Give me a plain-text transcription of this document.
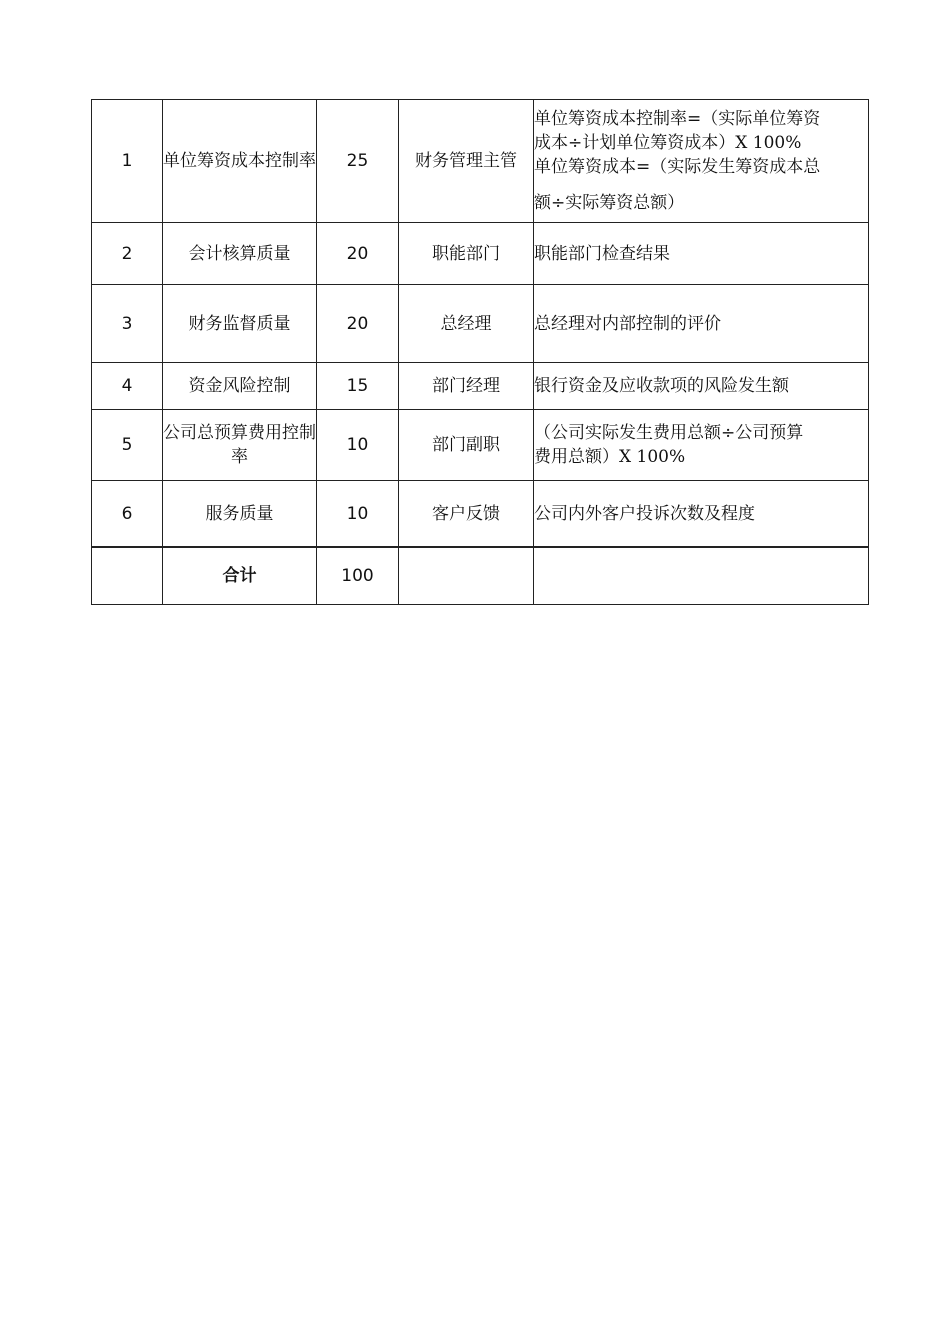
1	单位筹资成本控制率	25	财务管理主管	单位筹资成本控制率=（实际单位筹资
成本÷计划单位筹资成本）X 100%
单位筹资成本=（实际发生筹资成本总
额÷实际筹资总额）

2	会计核算质量	20	职能部门	职能部门检查结果

3	财务监督质量	20	总经理	总经理对内部控制的评价

4	资金风险控制	15	部门经理	银行资金及应收款项的风险发生额

5	公司总预算费用控制率	10	部门副职	（公司实际发生费用总额÷公司预算
费用总额）X 100%

6	服务质量	10	客户反馈	公司内外客户投诉次数及程度

	合计	100		
